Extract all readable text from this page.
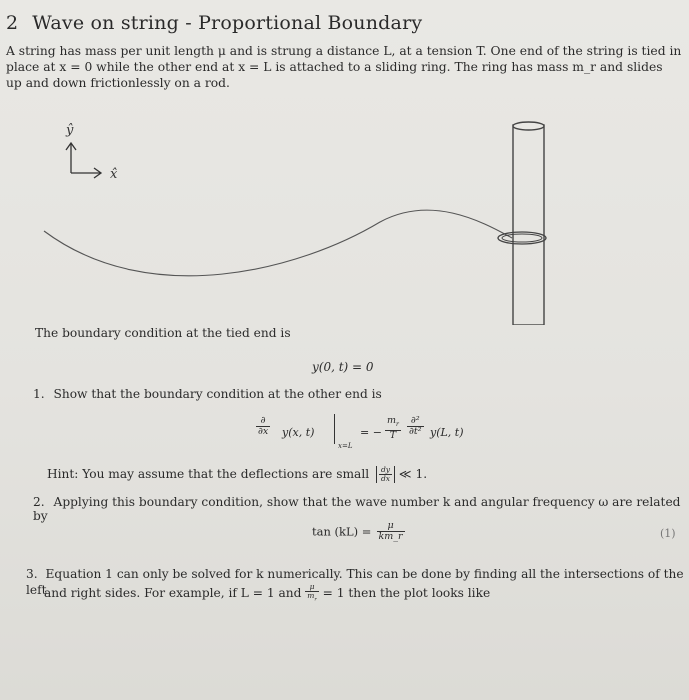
2 Wave on string - Proportional Boundary
A string has mass per unit length μ and is strung a distance L, at a tension T. One end of the string is tied in place at x = 0 while the other end at x = L is attached to a sliding ring. The ring has mass m_r and slides up and down frictionlessly on a rod.
ŷ
x̂
The boundary condition at the tied end is
y(0, t) = 0
1. Show that the boundary condition at the other end is
∂
∂x y(x, t)
x=L
= − $\frac{m_r}{T}$	∂²
∂t² y(L, t)
Hint: You may assume that the deflections are small $\frac{dy}{dx}$ ≪ 1.
2. Applying this boundary condition, show that the wave number k and angular frequency ω are related by
$\tan (kL) = \frac{\mu}{km\_r}$	(1)
3. Equation 1 can only be solved for k numerically. This can be done by finding all the intersections of the left
and right sides. For example, if L = 1 and $\frac{\mu}{m_r} = 1$ then the plot looks like
